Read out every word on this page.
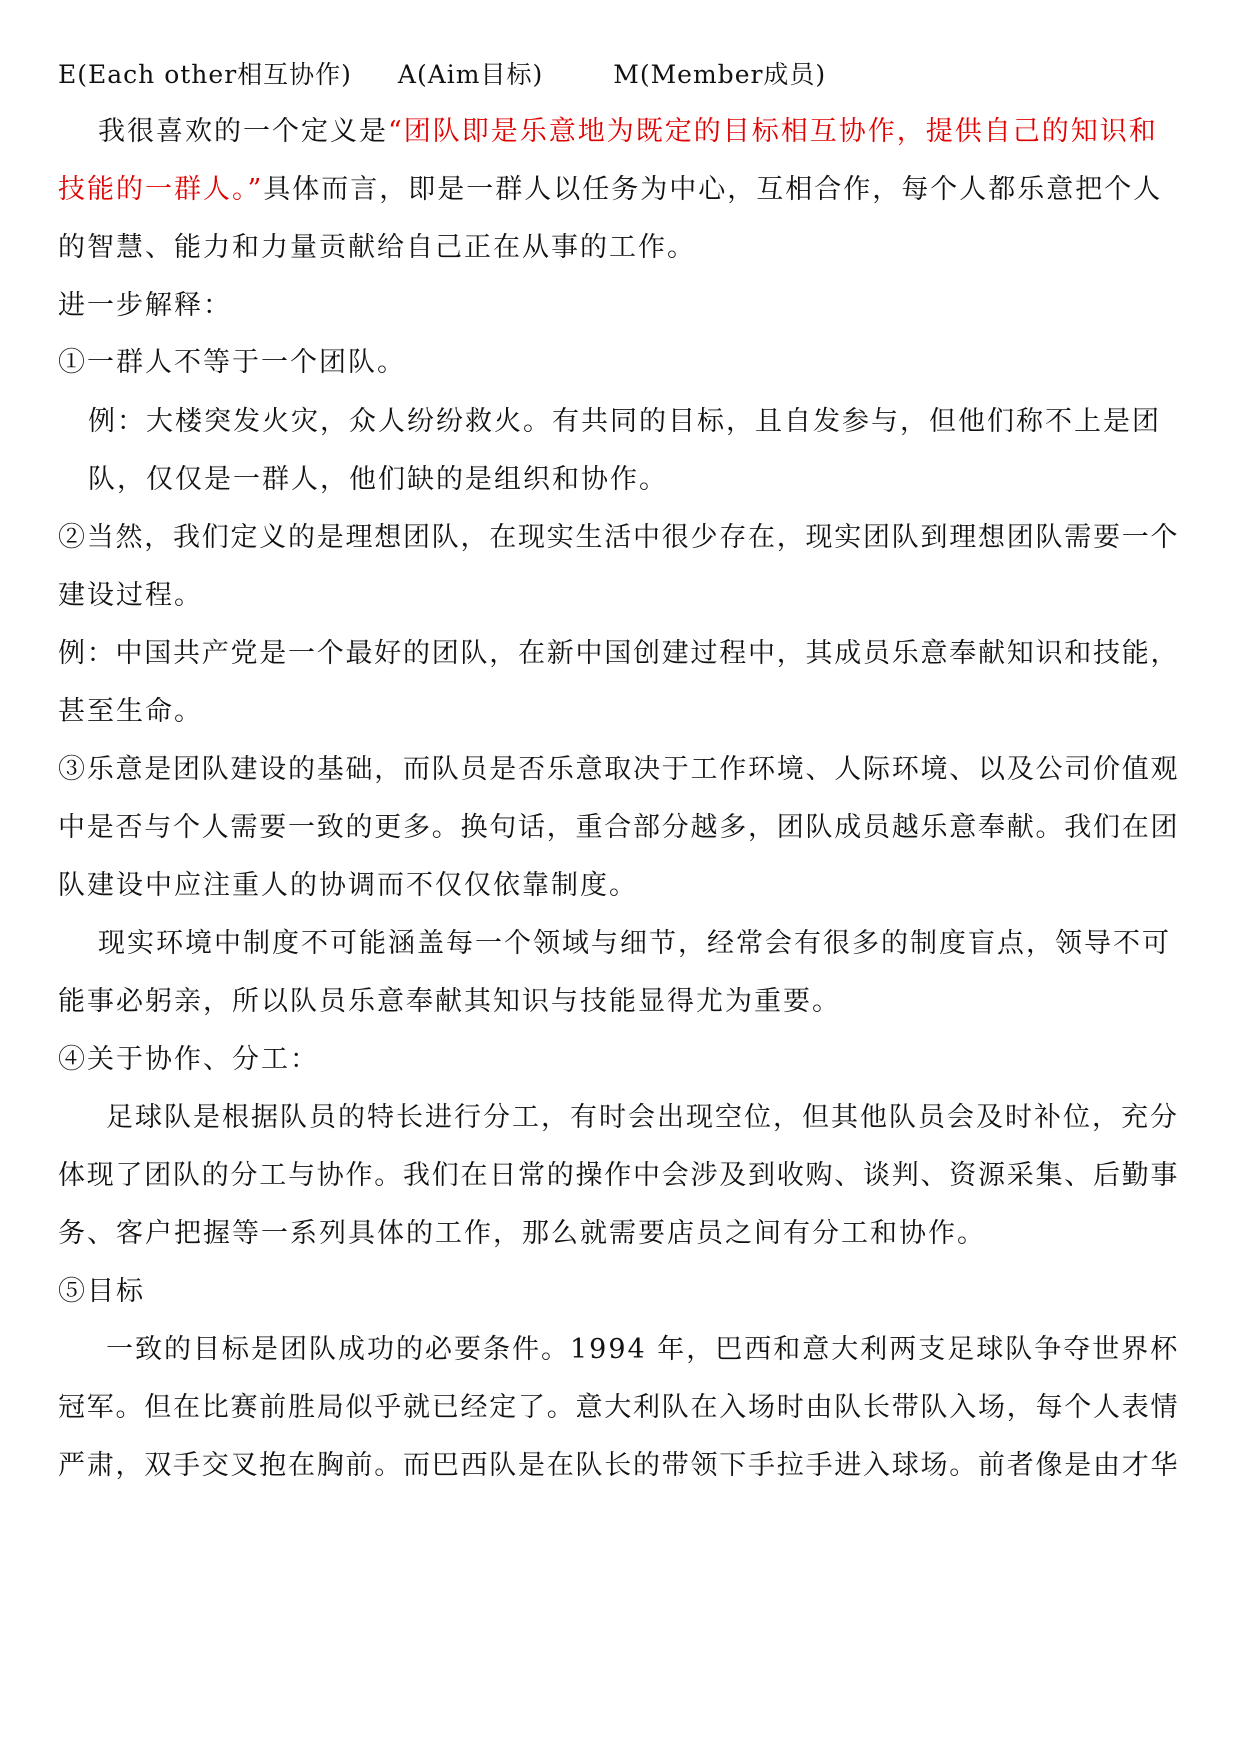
E(Each other相互协作) A(Aim目标)	M(Member成员)
我很喜欢的一个定义是“团队即是乐意地为既定的目标相互协作，提供自己的知识和
技能的一群人。”具体而言，即是一群人以任务为中心，互相合作，每个人都乐意把个人
的智慧、能力和力量贡献给自己正在从事的工作。
进一步解释：
①一群人不等于一个团队。
例：大楼突发火灾，众人纷纷救火。有共同的目标，且自发参与，但他们称不上是团
队，仅仅是一群人，他们缺的是组织和协作。
②当然，我们定义的是理想团队，在现实生活中很少存在，现实团队到理想团队需要一个
建设过程。
例：中国共产党是一个最好的团队，在新中国创建过程中，其成员乐意奉献知识和技能，
甚至生命。
③乐意是团队建设的基础，而队员是否乐意取决于工作环境、人际环境、以及公司价值观
中是否与个人需要一致的更多。换句话，重合部分越多，团队成员越乐意奉献。我们在团
队建设中应注重人的协调而不仅仅依靠制度。
现实环境中制度不可能涵盖每一个领域与细节，经常会有很多的制度盲点，领导不可
能事必躬亲，所以队员乐意奉献其知识与技能显得尤为重要。
④关于协作、分工：
足球队是根据队员的特长进行分工，有时会出现空位，但其他队员会及时补位，充分
体现了团队的分工与协作。我们在日常的操作中会涉及到收购、谈判、资源采集、后勤事
务、客户把握等一系列具体的工作，那么就需要店员之间有分工和协作。
⑤目标
一致的目标是团队成功的必要条件。1994 年，巴西和意大利两支足球队争夺世界杯
冠军。但在比赛前胜局似乎就已经定了。意大利队在入场时由队长带队入场，每个人表情
严肃，双手交叉抱在胸前。而巴西队是在队长的带领下手拉手进入球场。前者像是由才华
